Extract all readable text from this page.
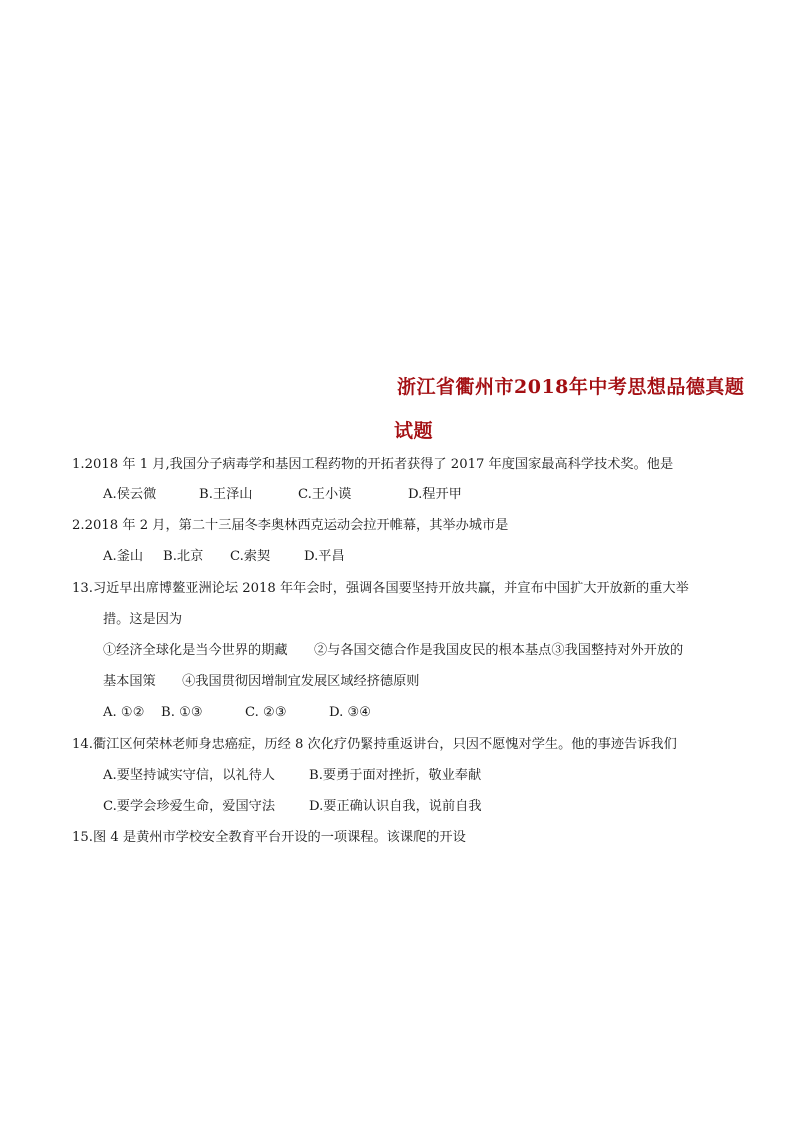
浙江省衢州市2018年中考思想品德真题
试题
1.2018 年 1 月,我国分子病毒学和基因工程药物的开拓者获得了 2017 年度国家最高科学技术奖。他是
A.侯云微	B.王泽山	C.王小谟	D.程开甲
2.2018 年 2 月，第二十三届冬李奥林西克运动会拉开帷幕，其举办城市是
A.釜山 B.北京 C.索契	D.平昌
13.习近早出席博鳌亚洲论坛 2018 年年会时，强调各国要坚持开放共赢，并宣布中国扩大开放新的重大举
措。这是因为
①经济全球化是当今世界的期藏　　②与各国交德合作是我国皮民的根本基点③我国整持对外开放的
基本国策　　④我国贯彻因增制宜发展区域经挤德原则
A. ①② B. ①③	C. ②③	D. ③④
14.衢江区何荣林老师身忠癌症，历经 8 次化疗仍緊持重返讲台，只因不愿愧对学生。他的事迹告诉我们
A.要坚持诚实守信，以礼待人	B.要勇于面对挫折，敬业奉献
C.要学会珍爱生命，爱国守法	D.要正确认识自我，说前自我
15.图 4 是黄州市学校安全教育平台开设的一项课程。该课爬的开设
